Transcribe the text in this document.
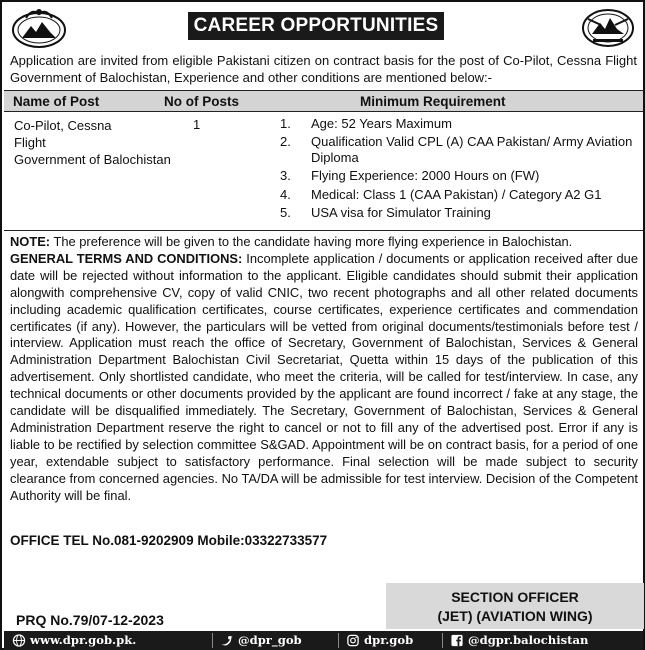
CAREER OPPORTUNITIES

Application are invited from eligible Pakistani citizen on contract basis for the post of Co-Pilot, Cessna Flight Government of Balochistan, Experience and other conditions are mentioned below:-

Name of Post	No of Posts	Minimum Requirement
Co-Pilot, Cessna
Flight
Government of Balochistan
1	1. Age: 52 Years Maximum
2. Qualification Valid CPL (A) CAA Pakistan/ Army Aviation Diploma
3. Flying Experience: 2000 Hours on (FW)
4. Medical: Class 1 (CAA Pakistan) / Category A2 G1
5. USA visa for Simulator Training

NOTE: The preference will be given to the candidate having more flying experience in Balochistan.

GENERAL TERMS AND CONDITIONS: Incomplete application / documents or application received after due date will be rejected without information to the applicant. Eligible candidates should submit their application alongwith comprehensive CV, copy of valid CNIC, two recent photographs and all other related documents including academic qualification certificates, course certificates, experience certificates and commendation certificates (if any). However, the particulars will be vetted from original documents/testimonials before test / interview. Application must reach the office of Secretary, Government of Balochistan, Services & General Administration Department Balochistan Civil Secretariat, Quetta within 15 days of the publication of this advertisement. Only shortlisted candidate, who meet the criteria, will be called for test/interview. In case, any technical documents or other documents provided by the applicant are found incorrect / fake at any stage, the candidate will be disqualified immediately. The Secretary, Government of Balochistan, Services & General Administration Department reserve the right to cancel or not to fill any of the advertised post. Error if any is liable to be rectified by selection committee S&GAD. Appointment will be on contract basis, for a period of one year, extendable subject to satisfactory performance. Final selection will be made subject to security clearance from concerned agencies. No TA/DA will be admissible for test interview. Decision of the Competent Authority will be final.

OFFICE TEL No.081-9202909 Mobile:03322733577
SECTION OFFICER
(JET) (AVIATION WING)
PRQ No.79/07-12-2023
www.dpr.gob.pk.	@dpr_gob	dpr.gob	@dgpr.balochistan
